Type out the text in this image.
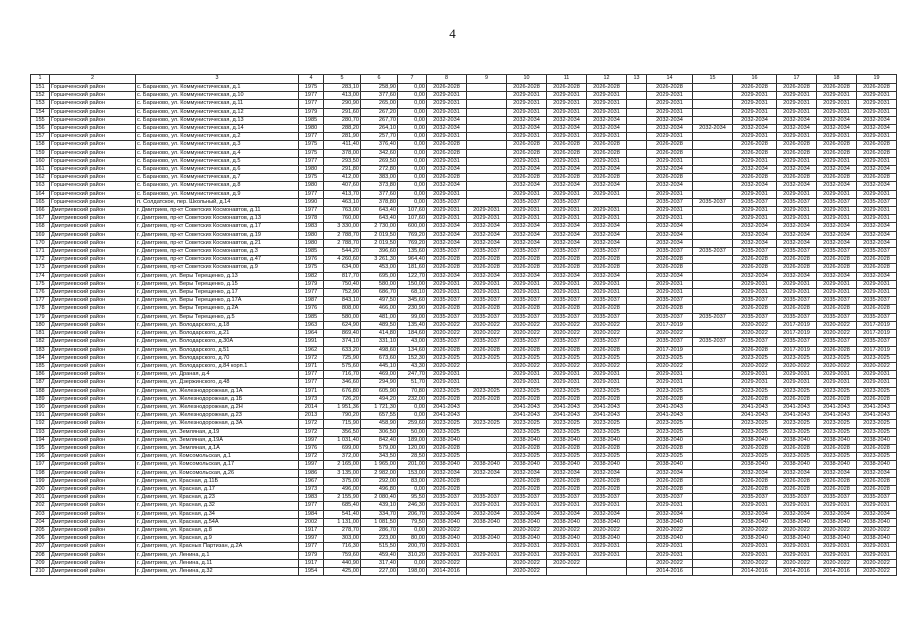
4
1	2	3	4	5	6	7	8	9	10	11	12	13	14	15	16	17	18	19
151	Горшеченский район	с. Бараново, ул. Коммунистическая, д.1	1975	283,10	258,90	0,00	2026-2028		2026-2028	2026-2028	2026-2028		2026-2028		2026-2028	2026-2028	2026-2028	2026-2028
152	Горшеченский район	с. Бараново, ул. Коммунистическая, д.10	1977	413,00	377,60	0,00	2029-2031		2029-2031	2029-2031	2029-2031		2029-2031		2029-2031	2029-2031	2029-2031	2029-2031
153	Горшеченский район	с. Бараново, ул. Коммунистическая, д.11	1977	290,90	265,00	0,00	2029-2031		2029-2031	2029-2031	2029-2031		2029-2031		2029-2031	2029-2031	2029-2031	2029-2031
154	Горшеченский район	с. Бараново, ул. Коммунистическая, д.12	1979	291,60	267,20	0,00	2029-2031		2029-2031	2029-2031	2029-2031		2029-2031		2029-2031	2029-2031	2029-2031	2029-2031
155	Горшеченский район	с. Бараново, ул. Коммунистическая, д.13	1985	280,70	267,70	0,00	2032-2034		2032-2034	2032-2034	2032-2034		2032-2034		2032-2034	2032-2034	2032-2034	2032-2034
156	Горшеченский район	с. Бараново, ул. Коммунистическая, д.14	1980	288,20	264,10	0,00	2032-2034		2032-2034	2032-2034	2032-2034		2032-2034	2032-2034	2032-2034	2032-2034	2032-2034	2032-2034
157	Горшеченский район	с. Бараново, ул. Коммунистическая, д.2	1977	281,90	257,70	0,00	2029-2031		2029-2031	2029-2031	2029-2031		2029-2031		2029-2031	2029-2031	2029-2031	2029-2031
158	Горшеченский район	с. Бараново, ул. Коммунистическая, д.3	1975	411,40	376,40	0,00	2026-2028		2026-2028	2026-2028	2026-2028		2026-2028		2026-2028	2026-2028	2026-2028	2026-2028
159	Горшеченский район	с. Бараново, ул. Коммунистическая, д.4	1975	378,00	342,60	0,00	2026-2028		2026-2028	2026-2028	2026-2028		2026-2028		2026-2028	2026-2028	2026-2028	2026-2028
160	Горшеченский район	с. Бараново, ул. Коммунистическая, д.5	1977	293,50	269,50	0,00	2029-2031		2029-2031	2029-2031	2029-2031		2029-2031		2029-2031	2029-2031	2029-2031	2029-2031
161	Горшеченский район	с. Бараново, ул. Коммунистическая, д.6	1980	291,80	272,80	0,00	2032-2034		2032-2034	2032-2034	2032-2034		2032-2034		2032-2034	2032-2034	2032-2034	2032-2034
162	Горшеченский район	с. Бараново, ул. Коммунистическая, д.7	1975	412,00	383,00	0,00	2026-2028		2026-2028	2026-2028	2026-2028		2026-2028		2026-2028	2026-2028	2026-2028	2026-2028
163	Горшеченский район	с. Бараново, ул. Коммунистическая, д.8	1980	407,60	373,80	0,00	2032-2034		2032-2034	2032-2034	2032-2034		2032-2034		2032-2034	2032-2034	2032-2034	2032-2034
164	Горшеченский район	с. Бараново, ул. Коммунистическая, д.9	1977	413,70	377,60	0,00	2029-2031		2029-2031	2029-2031	2029-2031		2029-2031		2029-2031	2029-2031	2029-2031	2029-2031
165	Горшеченский район	п. Солдатское, пер. Школьный, д.14	1990	463,10	378,80	0,00	2035-2037		2035-2037	2035-2037			2035-2037	2035-2037	2035-2037	2035-2037	2035-2037	2035-2037
166	Дмитриевский район	г. Дмитриев, пр-кт Советских Космонавтов, д.11	1977	763,00	643,40	107,60	2029-2031	2029-2031	2029-2031	2029-2031	2029-2031		2029-2031		2029-2031	2029-2031	2029-2031	2029-2031
167	Дмитриевский район	г. Дмитриев, пр-кт Советских Космонавтов, д.13	1978	760,00	643,40	107,60	2029-2031	2029-2031	2029-2031	2029-2031	2029-2031		2029-2031		2029-2031	2029-2031	2029-2031	2029-2031
168	Дмитриевский район	г. Дмитриев, пр-кт Советских Космонавтов, д.17	1983	3 330,00	2 730,00	600,00	2032-2034	2032-2034	2032-2034	2032-2034	2032-2034		2032-2034		2032-2034	2032-2034	2032-2034	2032-2034
169	Дмитриевский район	г. Дмитриев, пр-кт Советских Космонавтов, д.19	1980	2 788,70	2 019,50	769,20	2032-2034	2032-2034	2032-2034	2032-2034	2032-2034		2032-2034		2032-2034	2032-2034	2032-2034	2032-2034
170	Дмитриевский район	г. Дмитриев, пр-кт Советских Космонавтов, д.21	1980	2 788,70	2 019,50	769,20	2032-2034	2032-2034	2032-2034	2032-2034	2032-2034		2032-2034		2032-2034	2032-2034	2032-2034	2032-2034
171	Дмитриевский район	г. Дмитриев, пр-кт Советских Космонавтов, д.3	1985	544,20	396,60	135,60	2035-2037	2035-2037	2035-2037	2035-2037	2035-2037		2035-2037	2035-2037	2035-2037	2035-2037	2035-2037	2035-2037
172	Дмитриевский район	г. Дмитриев, пр-кт Советских Космонавтов, д.47	1976	4 260,60	3 261,30	964,40	2026-2028	2026-2028	2026-2028	2026-2028	2026-2028		2026-2028		2026-2028	2026-2028	2026-2028	2026-2028
173	Дмитриевский район	г. Дмитриев, пр-кт Советских Космонавтов, д.9	1975	634,00	453,00	181,60	2026-2028	2026-2028	2026-2028	2026-2028	2026-2028		2026-2028		2026-2028	2026-2028	2026-2028	2026-2028
174	Дмитриевский район	г. Дмитриев, ул. Веры Терещенко, д.13	1982	817,70	695,00	122,70	2032-2034	2032-2034	2032-2034	2032-2034	2032-2034		2032-2034		2032-2034	2032-2034	2032-2034	2032-2034
175	Дмитриевский район	г. Дмитриев, ул. Веры Терещенко, д.15	1979	750,40	580,00	150,00	2029-2031	2029-2031	2029-2031	2029-2031	2029-2031		2029-2031		2029-2031	2029-2031	2029-2031	2029-2031
176	Дмитриевский район	г. Дмитриев, ул. Веры Терещенко, д.17	1977	752,90	686,70	68,10	2029-2031	2029-2031	2029-2031	2029-2031	2029-2031		2029-2031		2029-2031	2029-2031	2029-2031	2029-2031
177	Дмитриевский район	г. Дмитриев, ул. Веры Терещенко, д.17А	1987	843,10	497,50	345,60	2035-2037	2035-2037	2035-2037	2035-2037	2035-2037		2035-2037		2035-2037	2035-2037	2035-2037	2035-2037
178	Дмитриевский район	г. Дмитриев, ул. Веры Терещенко, д.2А	1976	808,00	466,00	230,90	2026-2028	2026-2028	2026-2028	2026-2028	2026-2028		2026-2028		2026-2028	2026-2028	2026-2028	2026-2028
179	Дмитриевский район	г. Дмитриев, ул. Веры Терещенко, д.5	1985	580,00	481,00	99,00	2035-2037	2035-2037	2035-2037	2035-2037	2035-2037		2035-2037	2035-2037	2035-2037	2035-2037	2035-2037	2035-2037
180	Дмитриевский район	г. Дмитриев, ул. Володарского, д.18	1963	624,90	489,50	135,40	2020-2022	2020-2022	2020-2022	2020-2022	2020-2022		2017-2019		2020-2022	2017-2019	2020-2022	2017-2019
181	Дмитриевский район	г. Дмитриев, ул. Володарского, д.21	1964	869,40	414,80	184,60	2020-2022	2020-2022	2020-2022	2020-2022	2020-2022		2020-2022		2020-2022	2017-2019	2020-2022	2017-2019
182	Дмитриевский район	г. Дмитриев, ул. Володарского, д.30А	1991	374,10	331,10	43,00	2035-2037	2035-2037	2035-2037	2035-2037	2035-2037		2035-2037	2035-2037	2035-2037	2035-2037	2035-2037	2035-2037
183	Дмитриевский район	г. Дмитриев, ул. Володарского, д.51	1962	633,20	498,60	134,60	2026-2028	2026-2028	2026-2028	2026-2028	2026-2028		2017-2019		2026-2028	2017-2019	2026-2028	2017-2019
184	Дмитриевский район	г. Дмитриев, ул. Володарского, д.70	1972	725,90	673,60	152,30	2023-2025	2023-2025	2023-2025	2023-2025	2023-2025		2023-2025		2023-2025	2023-2025	2023-2025	2023-2025
185	Дмитриевский район	г. Дмитриев, ул. Володарского, д.84 корп.1	1971	575,60	445,10	43,30	2020-2022		2020-2022	2020-2022	2020-2022		2020-2022		2020-2022	2020-2022	2020-2022	2020-2022
186	Дмитриевский район	г. Дмитриев, ул. Драная, д.4	1977	716,70	469,00	247,70	2029-2031		2029-2031	2029-2031	2029-2031		2029-2031		2029-2031	2029-2031	2029-2031	2029-2031
187	Дмитриевский район	г. Дмитриев, ул. Дзержинского, д.48	1977	346,60	294,90	51,70	2029-2031		2029-2031	2029-2031	2029-2031		2029-2031		2029-2031	2029-2031	2029-2031	2029-2031
188	Дмитриевский район	г. Дмитриев, ул. Железнодорожная, д.1А	1971	676,80	605,90	70,80	2023-2025	2023-2025	2023-2025	2023-2025	2023-2025		2023-2025		2023-2025	2023-2025	2023-2025	2023-2025
189	Дмитриевский район	г. Дмитриев, ул. Железнодорожная, д.1Б	1973	726,20	494,20	232,00	2026-2028	2026-2028	2026-2028	2026-2028	2026-2028		2026-2028		2026-2028	2026-2028	2026-2028	2026-2028
190	Дмитриевский район	г. Дмитриев, ул. Железнодорожная, д.2Н	2014	1 951,36	1 721,30	0,00	2041-2043		2041-2043	2041-2043	2041-2043		2041-2043		2041-2043	2041-2043	2041-2043	2041-2043
191	Дмитриевский район	г. Дмитриев, ул. Железнодорожная, д.23	2013	790,20	657,55	0,00	2041-2043		2041-2043	2041-2043	2041-2043		2041-2043		2041-2043	2041-2043	2041-2043	2041-2043
192	Дмитриевский район	г. Дмитриев, ул. Железнодорожная, д.3А	1972	715,90	458,90	259,60	2023-2025	2023-2025	2023-2025	2023-2025	2023-2025		2023-2025		2023-2025	2023-2025	2023-2025	2023-2025
193	Дмитриевский район	г. Дмитриев, ул. Земляная, д.19	1972	356,50	306,50	50,00	2023-2025		2023-2025	2023-2025	2023-2025		2023-2025		2023-2025	2023-2025	2023-2025	2023-2025
194	Дмитриевский район	г. Дмитриев, ул. Земляная, д.19А	1997	1 031,40	842,40	189,00	2038-2040		2038-2040	2038-2040	2038-2040		2038-2040		2038-2040	2038-2040	2038-2040	2038-2040
195	Дмитриевский район	г. Дмитриев, ул. Земляная, д.1А	1976	699,00	579,00	120,00	2026-2028		2026-2028	2026-2028	2026-2028		2026-2028		2026-2028	2026-2028	2026-2028	2026-2028
196	Дмитриевский район	г. Дмитриев, ул. Комсомольская, д.1	1972	372,00	343,50	28,50	2023-2025		2023-2025	2023-2025	2023-2025		2023-2025		2023-2025	2023-2025	2023-2025	2023-2025
197	Дмитриевский район	г. Дмитриев, ул. Комсомольская, д.17	1997	2 165,00	1 965,00	201,00	2038-2040	2038-2040	2038-2040	2038-2040	2038-2040		2038-2040		2038-2040	2038-2040	2038-2040	2038-2040
198	Дмитриевский район	г. Дмитриев, ул. Комсомольская, д.26	1986	3 135,00	2 982,00	153,00	2032-2034	2032-2034	2032-2034	2032-2034	2032-2034		2032-2034		2032-2034	2032-2034	2032-2034	2032-2034
199	Дмитриевский район	г. Дмитриев, ул. Красная, д.11Б	1967	375,00	292,00	83,00	2026-2028		2026-2028	2026-2028	2026-2028		2026-2028		2026-2028	2026-2028	2026-2028	2026-2028
200	Дмитриевский район	г. Дмитриев, ул. Красная, д.17	1973	496,00	496,80	0,00	2026-2028		2026-2028	2026-2028	2026-2028		2026-2028		2026-2028	2026-2028	2026-2028	2026-2028
201	Дмитриевский район	г. Дмитриев, ул. Красная, д.23	1983	2 155,90	2 080,40	95,50	2035-2037	2035-2037	2035-2037	2035-2037	2035-2037		2035-2037		2035-2037	2035-2037	2035-2037	2035-2037
202	Дмитриевский район	г. Дмитриев, ул. Красная, д.32	1977	685,40	439,10	246,30	2029-2031	2029-2031	2029-2031	2029-2031	2029-2031		2029-2031		2029-2031	2029-2031	2029-2031	2029-2031
203	Дмитриевский район	г. Дмитриев, ул. Красная, д.34	1984	541,40	334,70	206,70	2032-2034	2032-2034	2032-2034	2032-2034	2032-2034		2032-2034		2032-2034	2032-2034	2032-2034	2032-2034
204	Дмитриевский район	г. Дмитриев, ул. Красная, д.54А	2002	1 131,00	1 081,50	79,50	2038-2040	2038-2040	2038-2040	2038-2040	2038-2040		2038-2040		2038-2040	2038-2040	2038-2040	2038-2040
205	Дмитриевский район	г. Дмитриев, ул. Красная, д.8	1917	278,70	286,70	0,00	2020-2022		2020-2022	2020-2022	2020-2022		2020-2022		2020-2022	2020-2022	2020-2022	2020-2022
206	Дмитриевский район	г. Дмитриев, ул. Красная, д.9	1997	303,00	223,00	80,00	2038-2040	2038-2040	2038-2040	2038-2040	2038-2040		2038-2040		2038-2040	2038-2040	2038-2040	2038-2040
207	Дмитриевский район	г. Дмитриев, ул. Красных Партизан, д.2А	1977	716,30	515,50	200,70	2029-2031		2029-2031	2029-2031	2029-2031		2029-2031		2029-2031	2029-2031	2029-2031	2029-2031
208	Дмитриевский район	г. Дмитриев, ул. Ленина, д.1	1979	759,60	459,40	310,20	2029-2031	2029-2031	2029-2031	2029-2031	2029-2031		2029-2031		2029-2031	2029-2031	2029-2031	2029-2031
209	Дмитриевский район	г. Дмитриев, ул. Ленина, д.11	1917	440,90	317,40	0,00	2020-2022		2020-2022	2020-2022			2020-2022		2020-2022	2020-2022	2020-2022	2020-2022
210	Дмитриевский район	г. Дмитриев, ул. Ленина, д.32	1954	425,00	227,00	198,00	2014-2016		2020-2022				2014-2016		2014-2016	2014-2016	2014-2016	2020-2022
